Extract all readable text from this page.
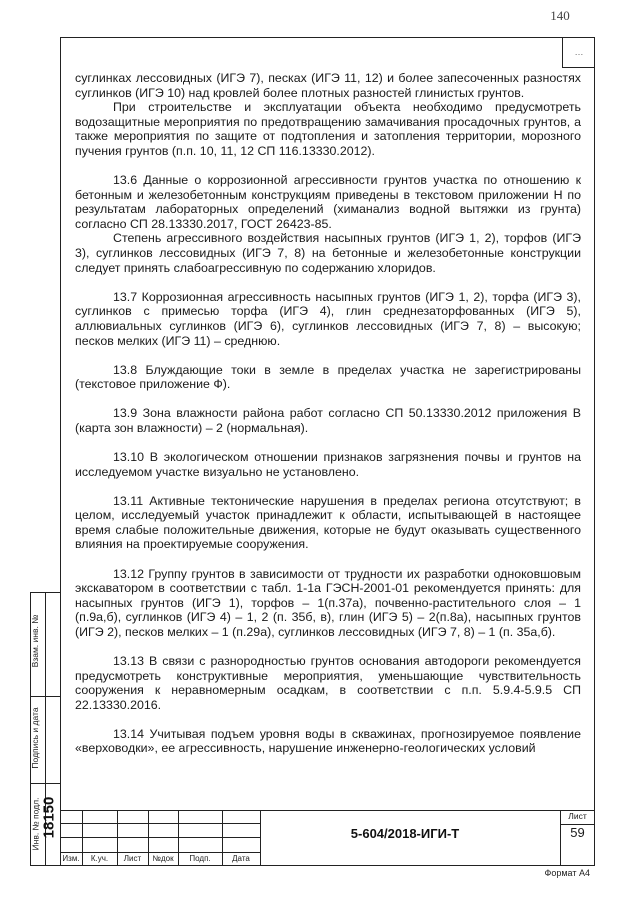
140
…

суглинках лессовидных (ИГЭ 7), песках (ИГЭ 11, 12) и более запесоченных разностях суглинков (ИГЭ 10) над кровлей более плотных разностей глинистых грунтов.

При строительстве и эксплуатации объекта необходимо предусмотреть водозащитные мероприятия по предотвращению замачивания просадочных грунтов, а также мероприятия по защите от подтопления и затопления территории, морозного пучения грунтов (п.п. 10, 11, 12 СП 116.13330.2012).

13.6 Данные о коррозионной агрессивности грунтов участка по отношению к бетонным и железобетонным конструкциям приведены в текстовом приложении Н по результатам лабораторных определений (химанализ водной вытяжки из грунта) согласно СП 28.13330.2017, ГОСТ 26423-85.

Степень агрессивного воздействия насыпных грунтов (ИГЭ 1, 2), торфов (ИГЭ 3), суглинков лессовидных (ИГЭ 7, 8) на бетонные и железобетонные конструкции следует принять слабоагрессивную по содержанию хлоридов.

13.7 Коррозионная агрессивность насыпных грунтов (ИГЭ 1, 2), торфа (ИГЭ 3), суглинков с примесью торфа (ИГЭ 4), глин среднезаторфованных (ИГЭ 5), аллювиальных суглинков (ИГЭ 6), суглинков лессовидных (ИГЭ 7, 8) – высокую; песков мелких (ИГЭ 11) – среднюю.

13.8 Блуждающие токи в земле в пределах участка не зарегистрированы (текстовое приложение Ф).

13.9 Зона влажности района работ согласно СП 50.13330.2012 приложения В (карта зон влажности) – 2 (нормальная).

13.10 В экологическом отношении признаков загрязнения почвы и грунтов на исследуемом участке визуально не установлено.

13.11 Активные тектонические нарушения в пределах региона отсутствуют; в целом, исследуемый участок принадлежит к области, испытывающей в настоящее время слабые положительные движения, которые не будут оказывать существенного влияния на проектируемые сооружения.

13.12 Группу грунтов в зависимости от трудности их разработки одноковшовым экскаватором в соответствии с табл. 1-1а ГЭСН-2001-01 рекомендуется принять: для насыпных грунтов (ИГЭ 1), торфов – 1(п.37а), почвенно-растительного слоя – 1 (п.9а,б), суглинков (ИГЭ 4) – 1, 2 (п. 35б, в), глин (ИГЭ 5) – 2(п.8а), насыпных грунтов (ИГЭ 2), песков мелких – 1 (п.29а), суглинков лессовидных (ИГЭ 7, 8) – 1 (п. 35а,б).

13.13 В связи с разнородностью грунтов основания автодороги рекомендуется предусмотреть конструктивные мероприятия, уменьшающие чувствительность сооружения к неравномерным осадкам, в соответствии с п.п. 5.9.4-5.9.5 СП 22.13330.2016.

13.14 Учитывая подъем уровня воды в скважинах, прогнозируемое появление «верховодки», ее агрессивность, нарушение инженерно-геологических условий

Взам. инв. №
Подпись и дата
Инв. № подл. 18150
Изм.	К.уч.	Лист	№док	Подп.	Дата
5-604/2018-ИГИ-Т
Лист
59
Формат А4
